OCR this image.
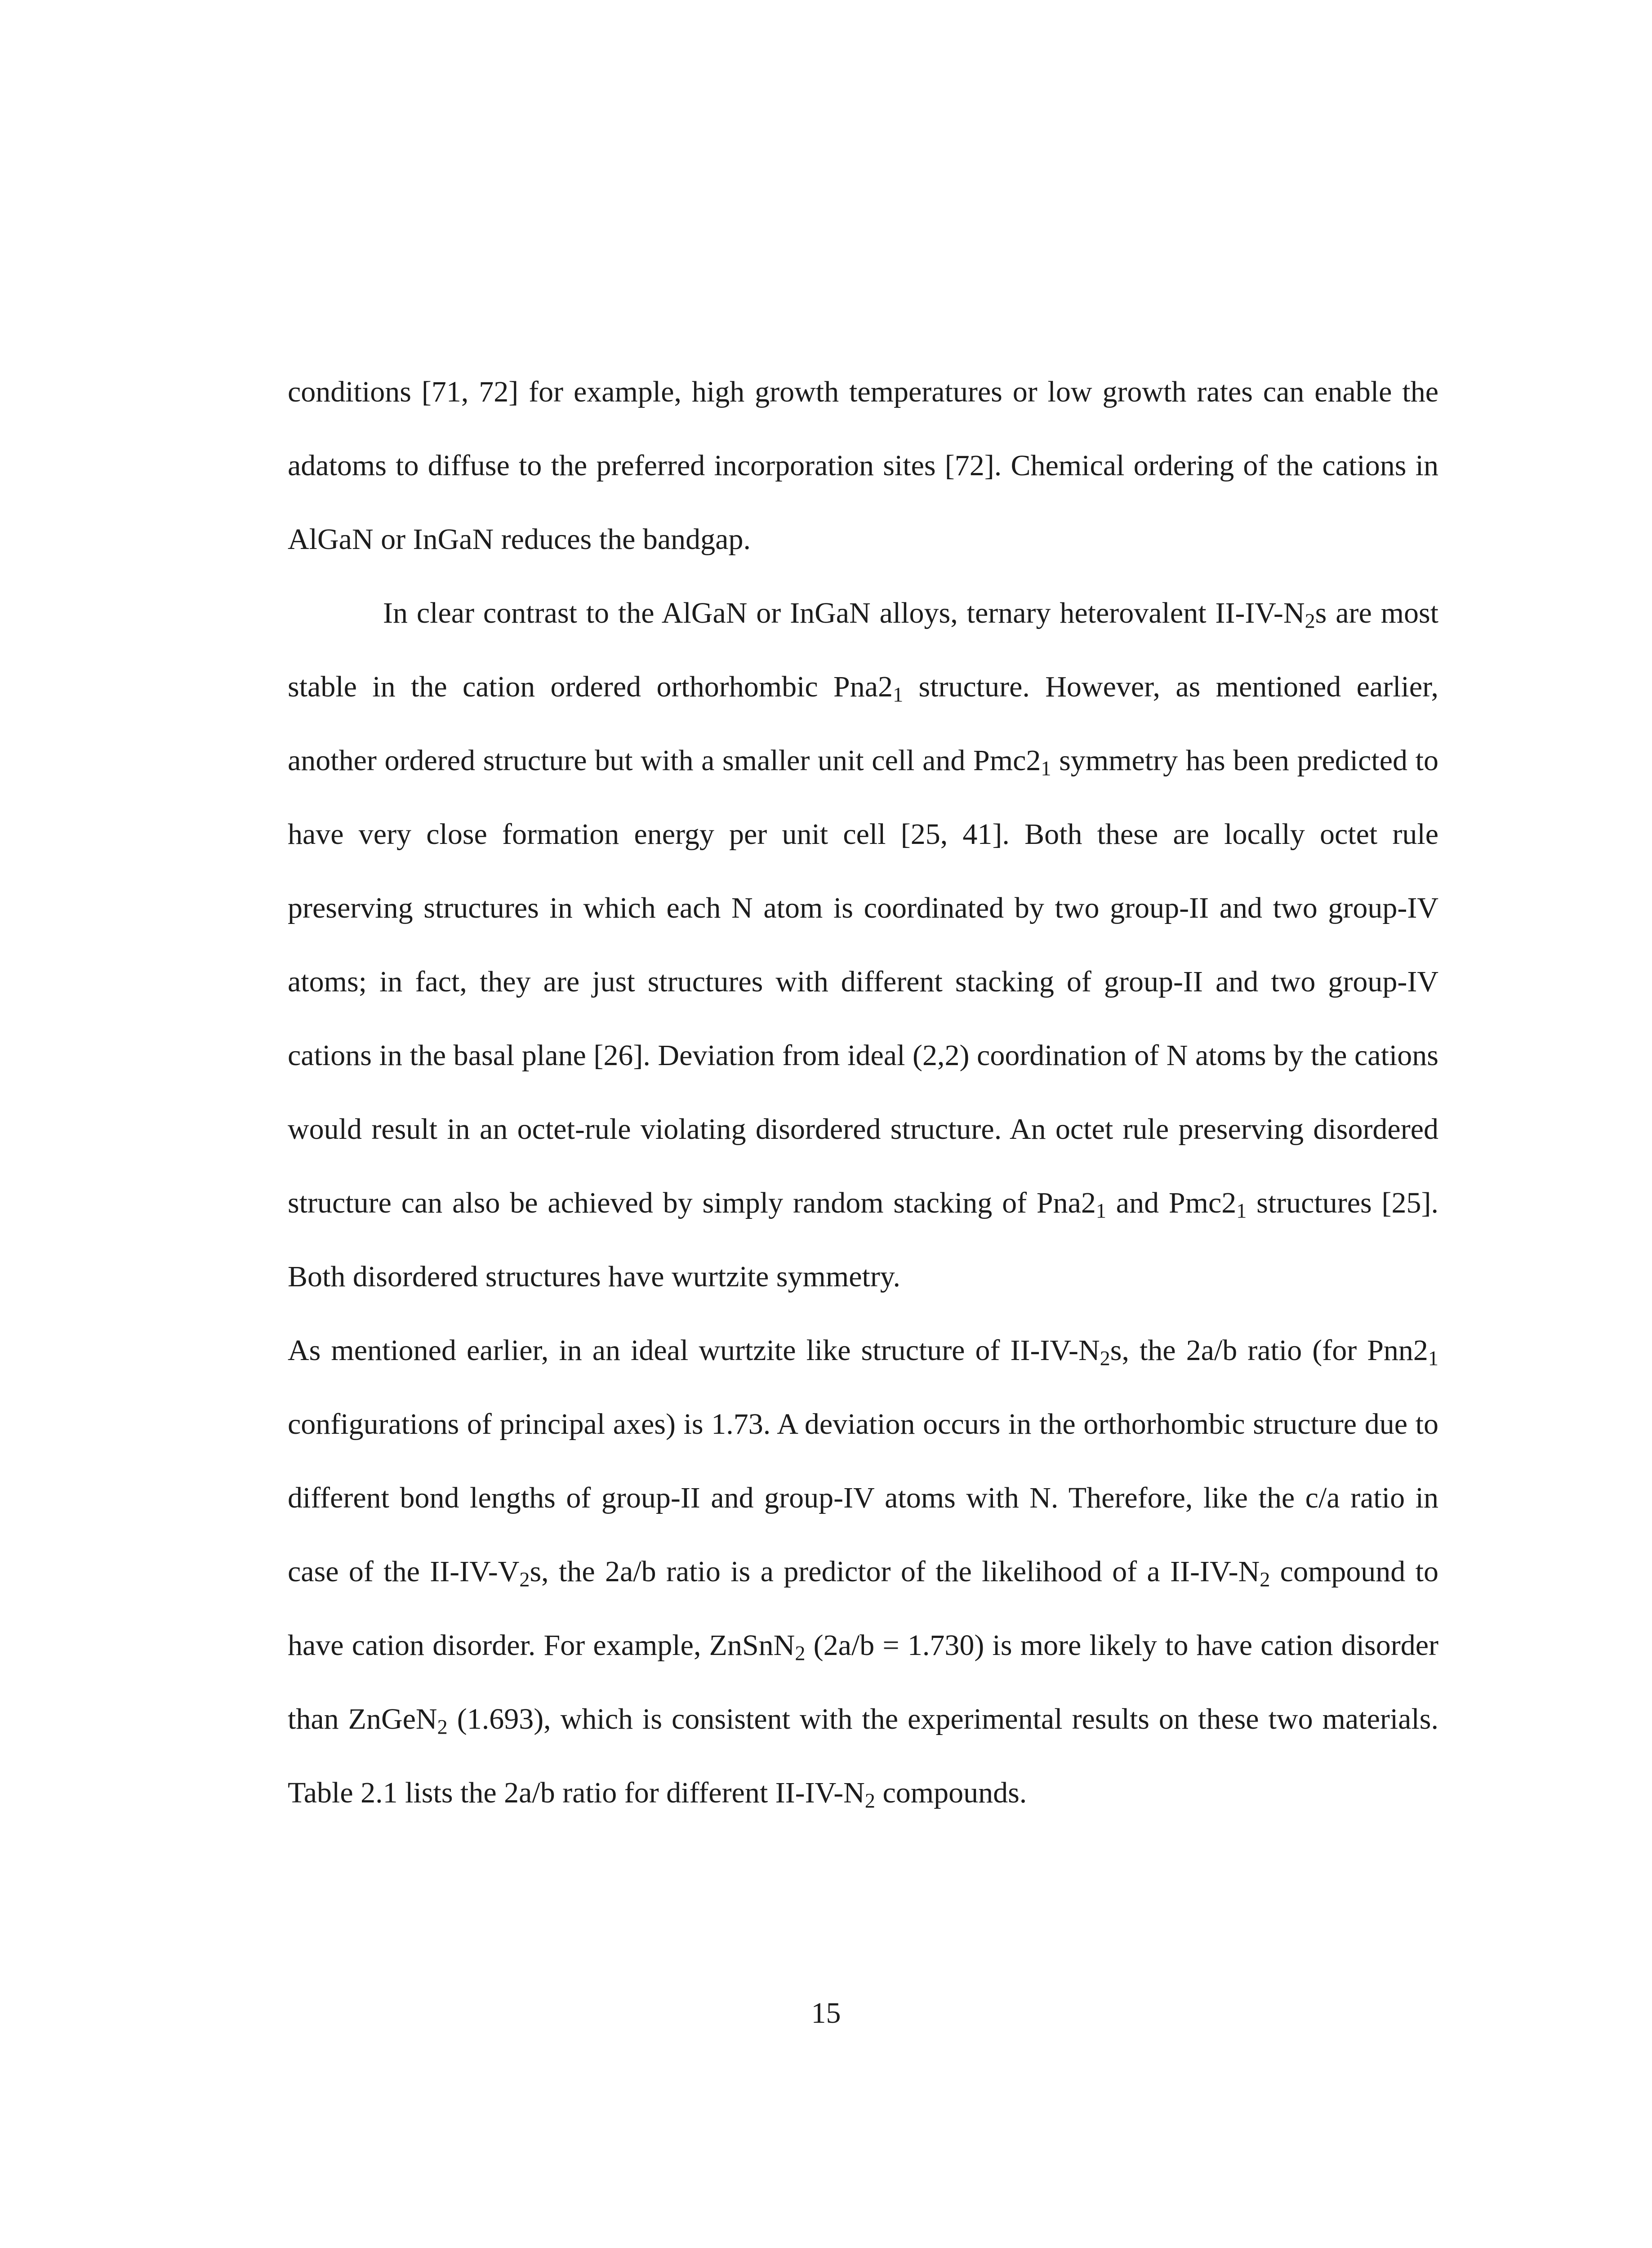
conditions [71, 72] for example, high growth temperatures or low growth rates can enable the adatoms to diffuse to the preferred incorporation sites [72]. Chemical ordering of the cations in AlGaN or InGaN reduces the bandgap.

In clear contrast to the AlGaN or InGaN alloys, ternary heterovalent $II-IV-N_2s$ are most stable in the cation ordered orthorhombic $Pna2_1$ structure. However, as mentioned earlier, another ordered structure but with a smaller unit cell and $Pmc2_1$ symmetry has been predicted to have very close formation energy per unit cell [25, 41]. Both these are locally octet rule preserving structures in which each N atom is coordinated by two group-II and two group-IV atoms; in fact, they are just structures with different stacking of group-II and two group-IV cations in the basal plane [26]. Deviation from ideal (2,2) coordination of N atoms by the cations would result in an octet-rule violating disordered structure. An octet rule preserving disordered structure can also be achieved by simply random stacking of $Pna2_1$ and $Pmc2_1$ structures [25]. Both disordered structures have wurtzite symmetry.

As mentioned earlier, in an ideal wurtzite like structure of $II-IV-N_2s$, the 2a/b ratio (for $Pnn2_1$ configurations of principal axes) is 1.73. A deviation occurs in the orthorhombic structure due to different bond lengths of group-II and group-IV atoms with N. Therefore, like the c/a ratio in case of the $II-IV-V_2s$, the 2a/b ratio is a predictor of the likelihood of a $II-IV-N_2$ compound to have cation disorder. For example, ZnSnN$_2$ (2a/b = 1.730) is more likely to have cation disorder than ZnGeN$_2$ (1.693), which is consistent with the experimental results on these two materials. Table 2.1 lists the 2a/b ratio for different $II-IV-N_2$ compounds.

15
